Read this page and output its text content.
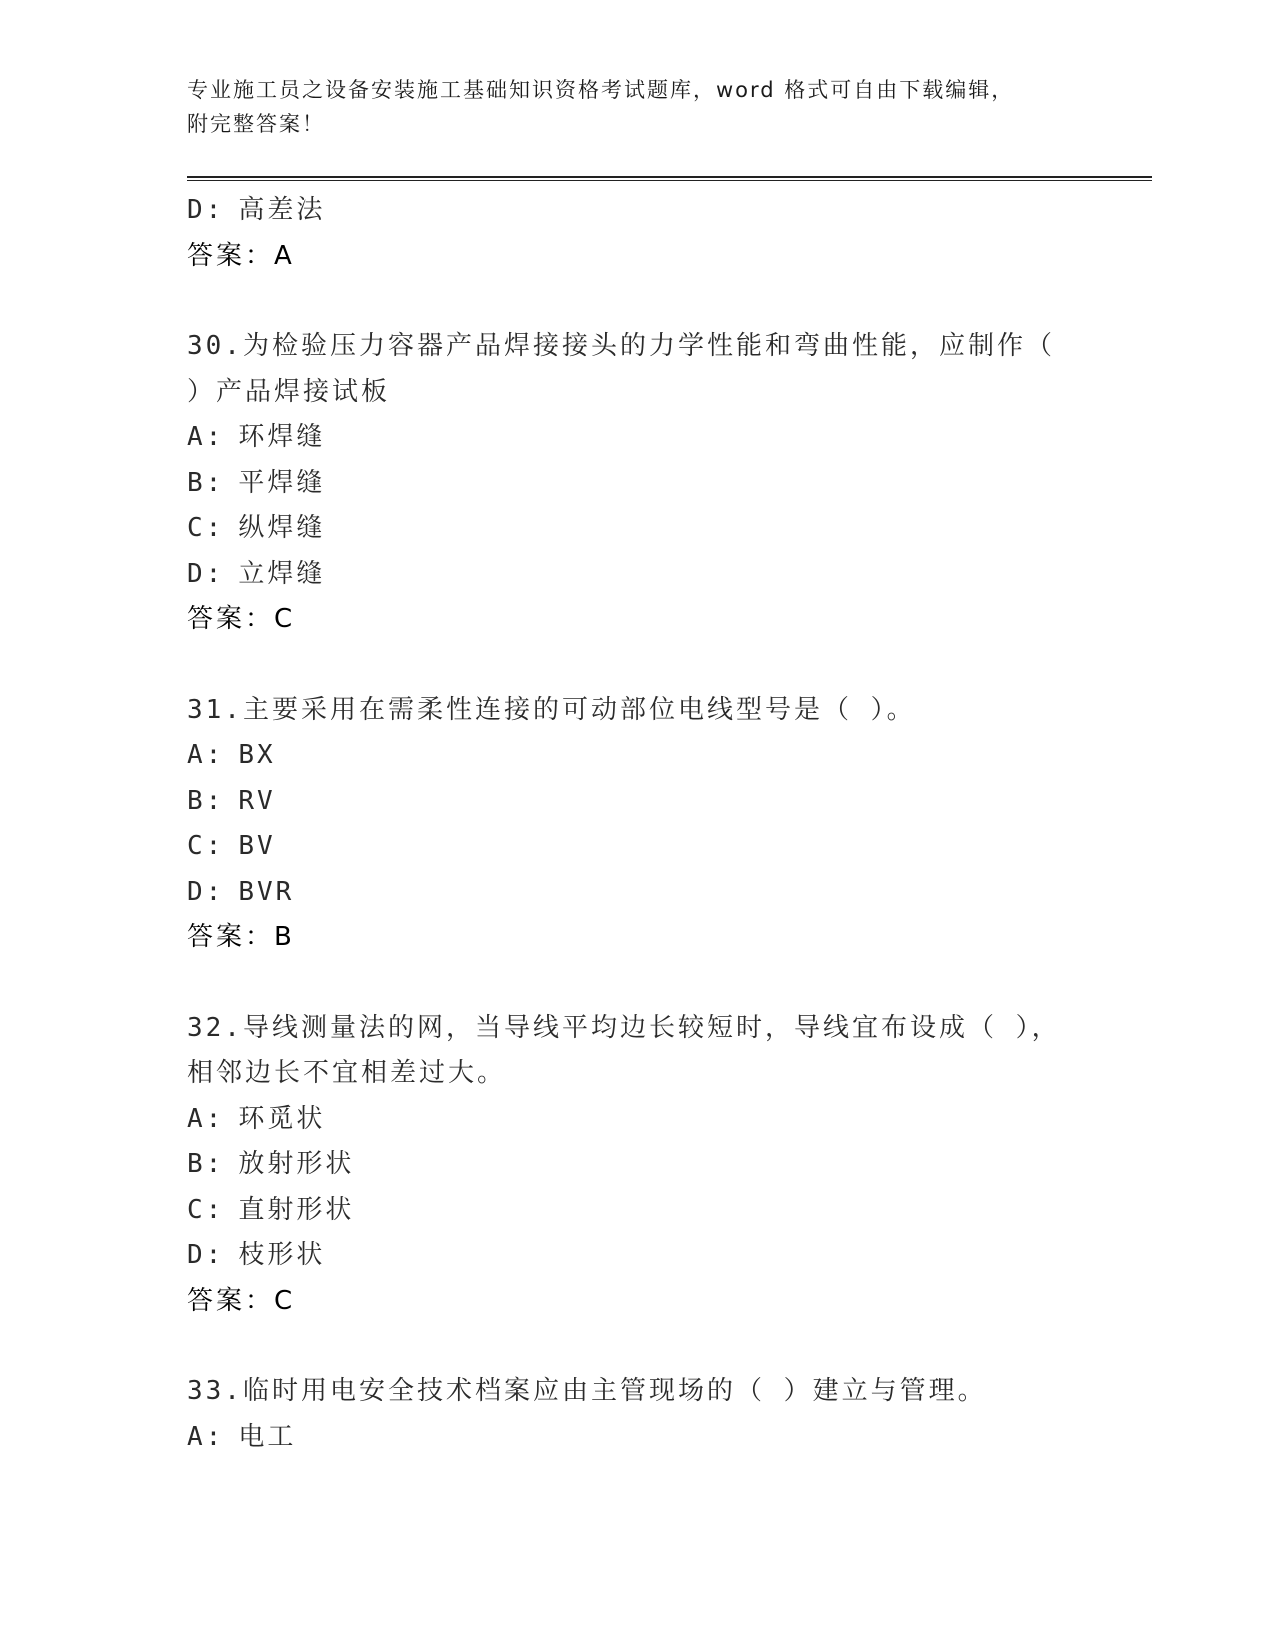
专业施工员之设备安装施工基础知识资格考试题库，word 格式可自由下载编辑，
附完整答案！
D: 高差法
答案：A
30.为检验压力容器产品焊接接头的力学性能和弯曲性能，应制作（
）产品焊接试板
A: 环焊缝
B: 平焊缝
C: 纵焊缝
D: 立焊缝
答案：C
31.主要采用在需柔性连接的可动部位电线型号是（ ）。
A: BX
B: RV
C: BV
D: BVR
答案：B
32.导线测量法的网，当导线平均边长较短时，导线宜布设成（ ），
相邻边长不宜相差过大。
A: 环觅状
B: 放射形状
C: 直射形状
D: 枝形状
答案：C
33.临时用电安全技术档案应由主管现场的（ ）建立与管理。
A: 电工
